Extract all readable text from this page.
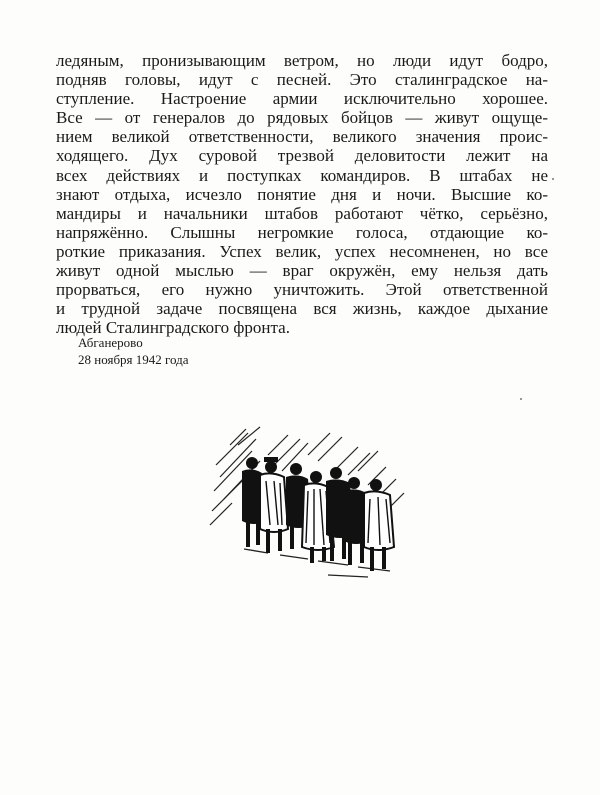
ледяным, пронизывающим ветром, но люди идут бодро,
подняв головы, идут с песней. Это сталинградское на-
ступление. Настроение армии исключительно хорошее.
Все — от генералов до рядовых бойцов — живут ощуще-
нием великой ответственности, великого значения проис-
ходящего. Дух суровой трезвой деловитости лежит на
всех действиях и поступках командиров. В штабах не
знают отдыха, исчезло понятие дня и ночи. Высшие ко-
мандиры и начальники штабов работают чётко, серьёзно,
напряжённо. Слышны негромкие голоса, отдающие ко-
роткие приказания. Успех велик, успех несомненен, но все
живут одной мыслью — враг окружён, ему нельзя дать
прорваться, его нужно уничтожить. Этой ответственной
и трудной задаче посвящена вся жизнь, каждое дыхание
людей Сталинградского фронта.
Абганерово
28 ноября 1942 года
